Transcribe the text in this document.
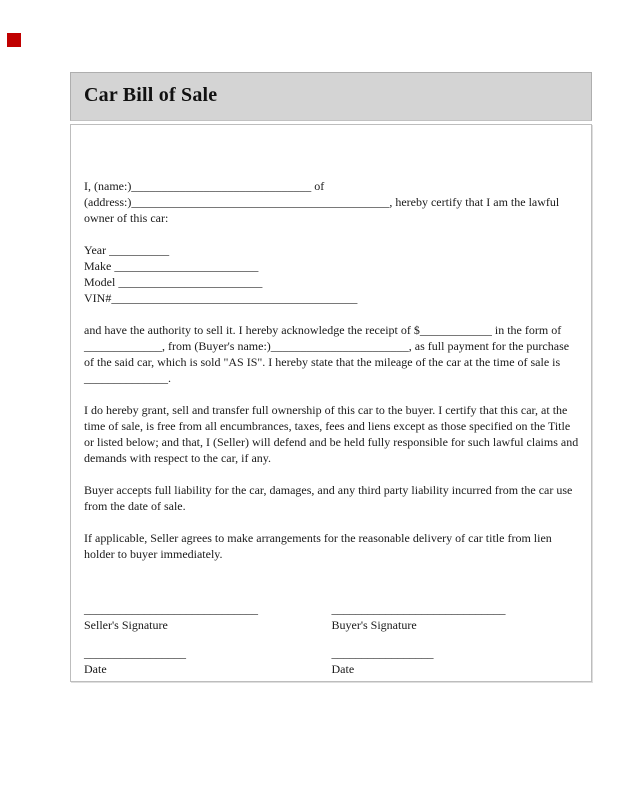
Car Bill of Sale
I, (name:)______________________________ of
(address:)___________________________________________, hereby certify that I am the lawful
owner of this car:
Year __________
Make ________________________
Model ________________________
VIN#_________________________________________
and have the authority to sell it. I hereby acknowledge the receipt of $____________ in the form of
_____________, from (Buyer's name:)_______________________, as full payment for the purchase
of the said car, which is sold "AS IS". I hereby state that the mileage of the car at the time of sale is
______________.
I do hereby grant, sell and transfer full ownership of this car to the buyer. I certify that this car, at the
time of sale, is free from all encumbrances, taxes, fees and liens except as those specified on the Title
or listed below; and that, I (Seller) will defend and be held fully responsible for such lawful claims and
demands with respect to the car, if any.
Buyer accepts full liability for the car, damages, and any third party liability incurred from the car use
from the date of sale.
If applicable, Seller agrees to make arrangements for the reasonable delivery of car title from lien
holder to buyer immediately.
_____________________________
Seller's Signature
_________________
Date
_____________________________
Buyer's Signature
_________________
Date
